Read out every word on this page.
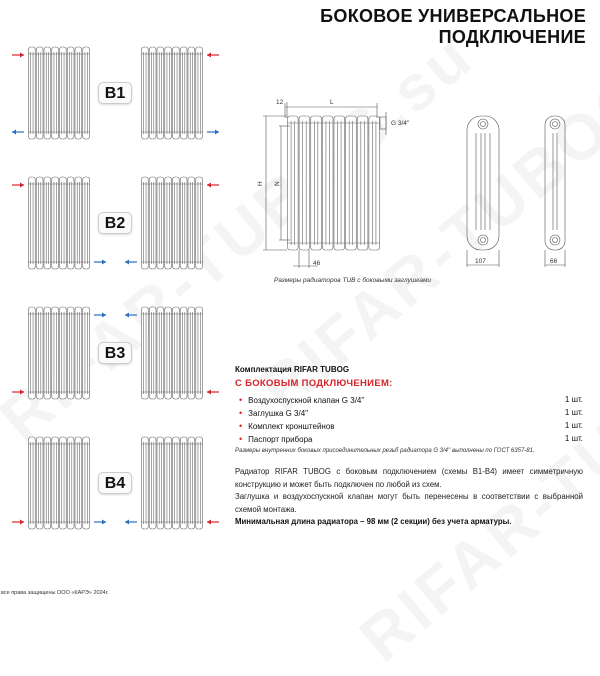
БОКОВОЕ УНИВЕРСАЛЬНОЕ
ПОДКЛЮЧЕНИЕ
B1
B2
B3
B4
L
12
H N
46
G 3/4''
107	66
Размеры радиаторов TUB с боковыми заглушками
Комплектация RIFAR TUBOG
С БОКОВЫМ ПОДКЛЮЧЕНИЕМ:
• Воздухоспускной клапан G 3/4''	1 шт.
• Заглушка G 3/4''	1 шт.
• Комплект кронштейнов	1 шт.
• Паспорт прибора	1 шт.
Размеры внутренних боковых присоединительных резьб радиатора G 3/4'' выполнены по ГОСТ 6357-81.

Радиатор RIFAR TUBOG с боковым подключением (схемы B1-B4) имеет симметричную конструкцию и может быть подключен по любой из схем.

Заглушка и воздухоспускной клапан могут быть перенесены в соответствии с выбранной схемой монтажа.

Минимальная длина радиатора – 98 мм (2 секции) без учета арматуры.

все права защищены ООО «КАРЭ» 2024г.
